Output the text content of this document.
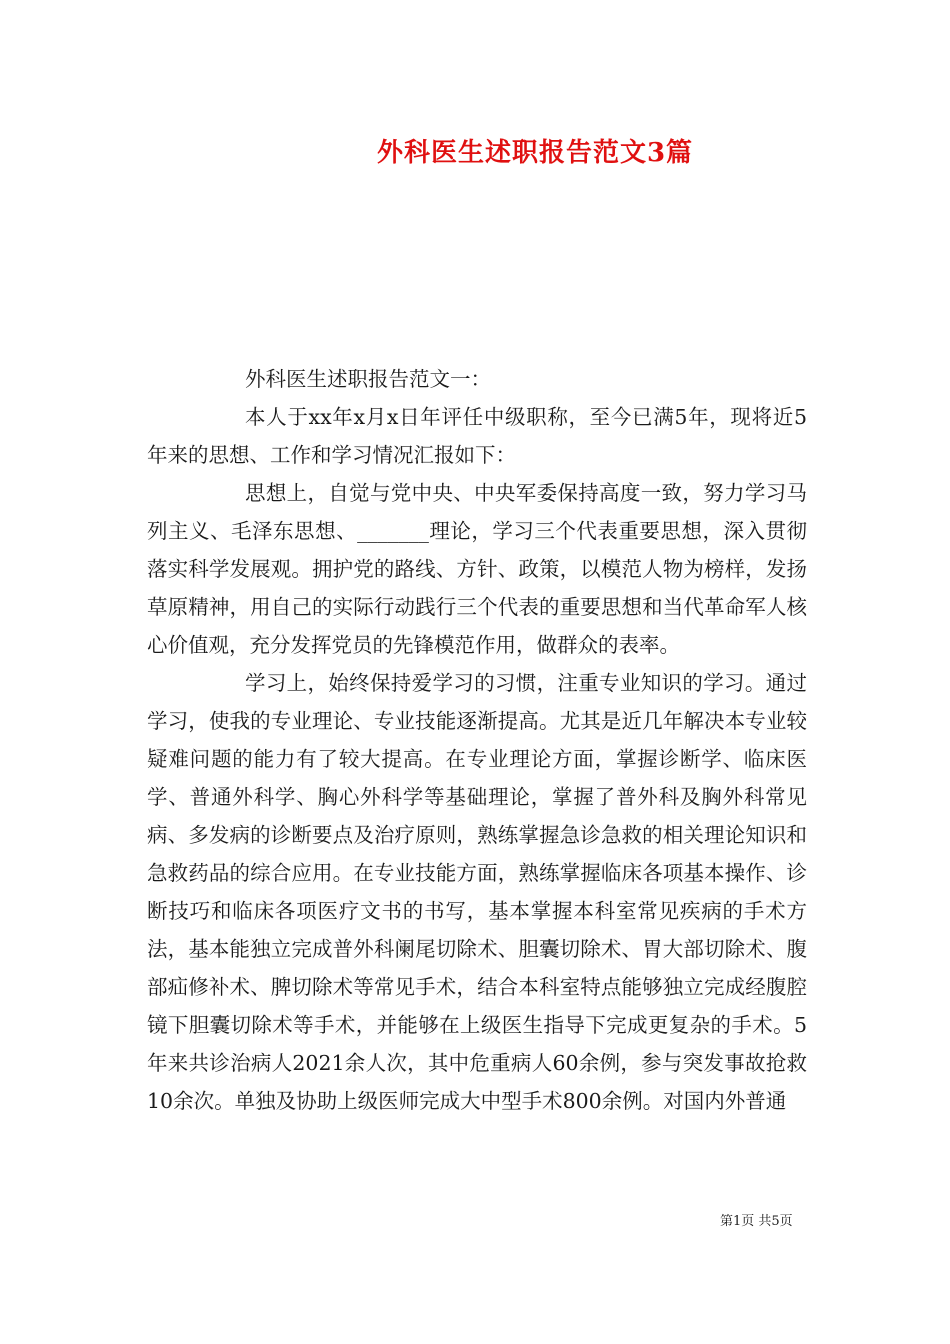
外科医生述职报告范文3篇

外科医生述职报告范文一：

本人于xx年x月x日年评任中级职称，至今已满5年，现将近5年来的思想、工作和学习情况汇报如下：

思想上，自觉与党中央、中央军委保持高度一致，努力学习马列主义、毛泽东思想、_______理论，学习三个代表重要思想，深入贯彻落实科学发展观。拥护党的路线、方针、政策，以模范人物为榜样，发扬草原精神，用自己的实际行动践行三个代表的重要思想和当代革命军人核心价值观，充分发挥党员的先锋模范作用，做群众的表率。

学习上，始终保持爱学习的习惯，注重专业知识的学习。通过学习，使我的专业理论、专业技能逐渐提高。尤其是近几年解决本专业较疑难问题的能力有了较大提高。在专业理论方面，掌握诊断学、临床医学、普通外科学、胸心外科学等基础理论，掌握了普外科及胸外科常见病、多发病的诊断要点及治疗原则，熟练掌握急诊急救的相关理论知识和急救药品的综合应用。在专业技能方面，熟练掌握临床各项基本操作、诊断技巧和临床各项医疗文书的书写，基本掌握本科室常见疾病的手术方法，基本能独立完成普外科阑尾切除术、胆囊切除术、胃大部切除术、腹部疝修补术、脾切除术等常见手术，结合本科室特点能够独立完成经腹腔镜下胆囊切除术等手术，并能够在上级医生指导下完成更复杂的手术。5年来共诊治病人2021余人次，其中危重病人60余例，参与突发事故抢救10余次。单独及协助上级医师完成大中型手术800余例。对国内外普通

第1页 共5页
